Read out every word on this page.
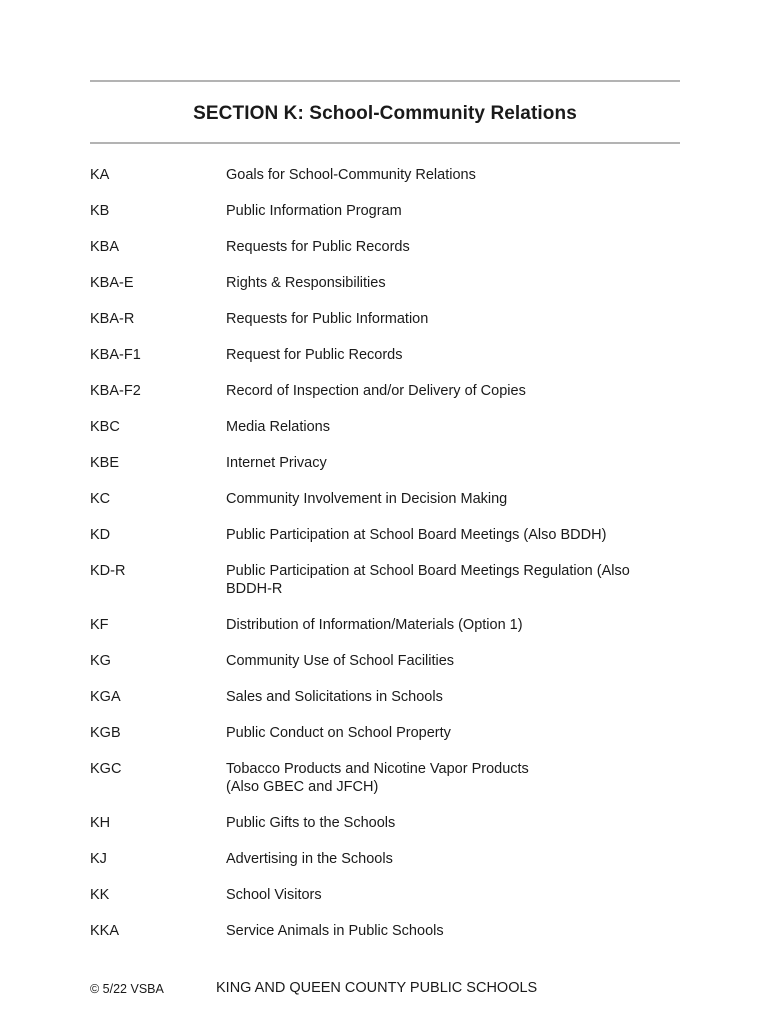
SECTION K: School-Community Relations
KA	Goals for School-Community Relations
KB	Public Information Program
KBA	Requests for Public Records
KBA-E	Rights & Responsibilities
KBA-R	Requests for Public Information
KBA-F1	Request for Public Records
KBA-F2	Record of Inspection and/or Delivery of Copies
KBC	Media Relations
KBE	Internet Privacy
KC	Community Involvement in Decision Making
KD	Public Participation at School Board Meetings (Also BDDH)
KD-R	Public Participation at School Board Meetings Regulation (Also BDDH-R
KF	Distribution of Information/Materials (Option 1)
KG	Community Use of School Facilities
KGA	Sales and Solicitations in Schools
KGB	Public Conduct on School Property
KGC	Tobacco Products and Nicotine Vapor Products (Also GBEC and JFCH)
KH	Public Gifts to the Schools
KJ	Advertising in the Schools
KK	School Visitors
KKA	Service Animals in Public Schools
© 5/22 VSBA	KING AND QUEEN COUNTY PUBLIC SCHOOLS
